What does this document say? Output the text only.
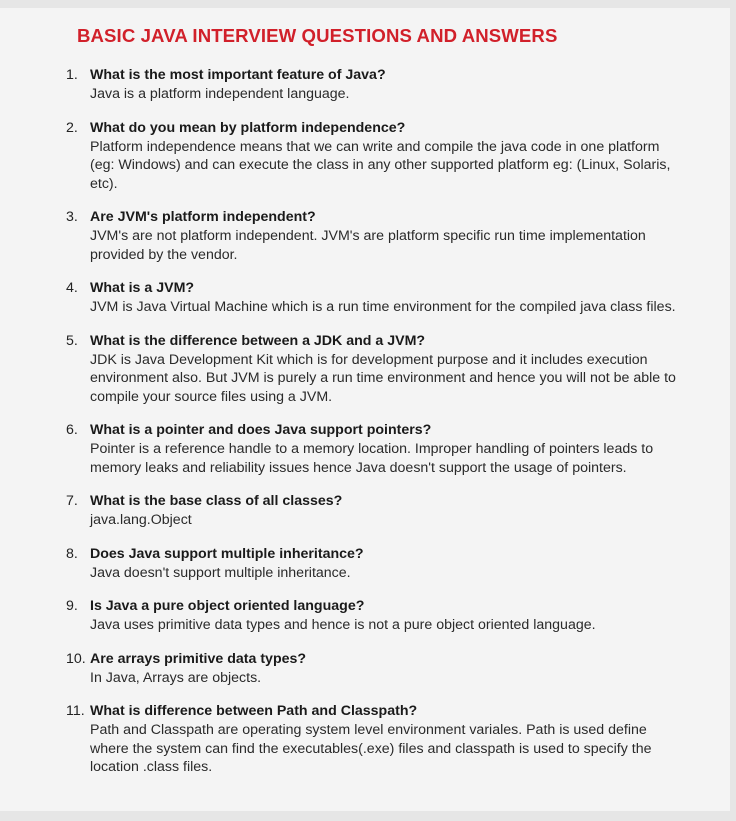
BASIC JAVA INTERVIEW QUESTIONS AND ANSWERS
1. What is the most important feature of Java?
Java is a platform independent language.
2. What do you mean by platform independence?
Platform independence means that we can write and compile the java code in one platform (eg: Windows) and can execute the class in any other supported platform eg: (Linux, Solaris, etc).
3. Are JVM's platform independent?
JVM's are not platform independent. JVM's are platform specific run time implementation provided by the vendor.
4. What is a JVM?
JVM is Java Virtual Machine which is a run time environment for the compiled java class files.
5. What is the difference between a JDK and a JVM?
JDK is Java Development Kit which is for development purpose and it includes execution environment also. But JVM is purely a run time environment and hence you will not be able to compile your source files using a JVM.
6. What is a pointer and does Java support pointers?
Pointer is a reference handle to a memory location. Improper handling of pointers leads to memory leaks and reliability issues hence Java doesn't support the usage of pointers.
7. What is the base class of all classes?
java.lang.Object
8. Does Java support multiple inheritance?
Java doesn't support multiple inheritance.
9. Is Java a pure object oriented language?
Java uses primitive data types and hence is not a pure object oriented language.
10. Are arrays primitive data types?
In Java, Arrays are objects.
11. What is difference between Path and Classpath?
Path and Classpath are operating system level environment variales. Path is used define where the system can find the executables(.exe) files and classpath is used to specify the location .class files.
